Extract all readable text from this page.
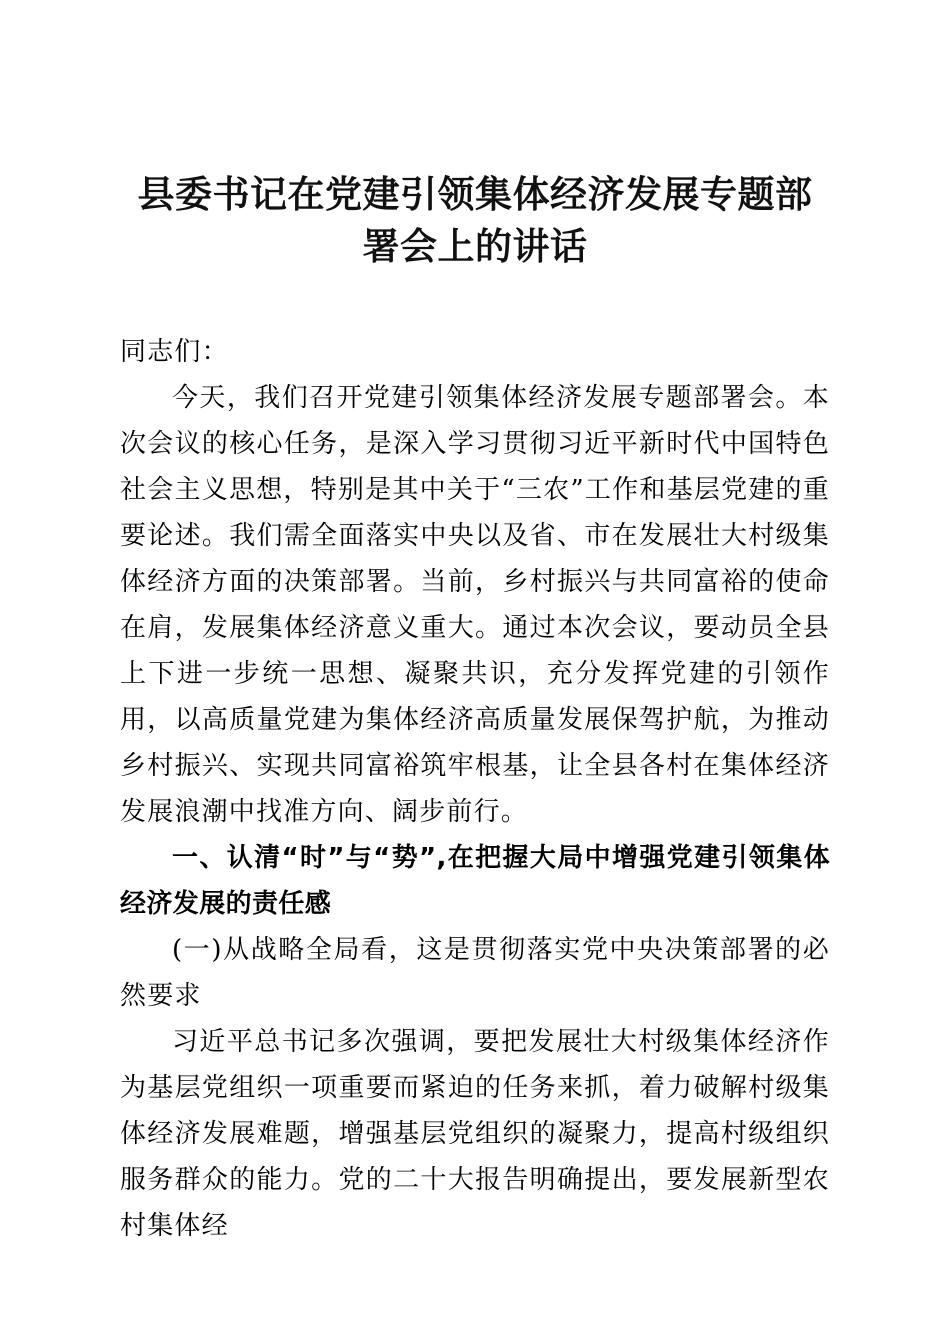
县委书记在党建引领集体经济发展专题部署会上的讲话

同志们：

今天，我们召开党建引领集体经济发展专题部署会。本次会议的核心任务，是深入学习贯彻习近平新时代中国特色社会主义思想，特别是其中关于“三农”工作和基层党建的重要论述。我们需全面落实中央以及省、市在发展壮大村级集体经济方面的决策部署。当前，乡村振兴与共同富裕的使命在肩，发展集体经济意义重大。通过本次会议，要动员全县上下进一步统一思想、凝聚共识，充分发挥党建的引领作用，以高质量党建为集体经济高质量发展保驾护航，为推动乡村振兴、实现共同富裕筑牢根基，让全县各村在集体经济发展浪潮中找准方向、阔步前行。

一、认清“时”与“势”,在把握大局中增强党建引领集体经济发展的责任感

(一)从战略全局看，这是贯彻落实党中央决策部署的必然要求

习近平总书记多次强调，要把发展壮大村级集体经济作为基层党组织一项重要而紧迫的任务来抓，着力破解村级集体经济发展难题，增强基层党组织的凝聚力，提高村级组织服务群众的能力。党的二十大报告明确提出，要发展新型农村集体经
